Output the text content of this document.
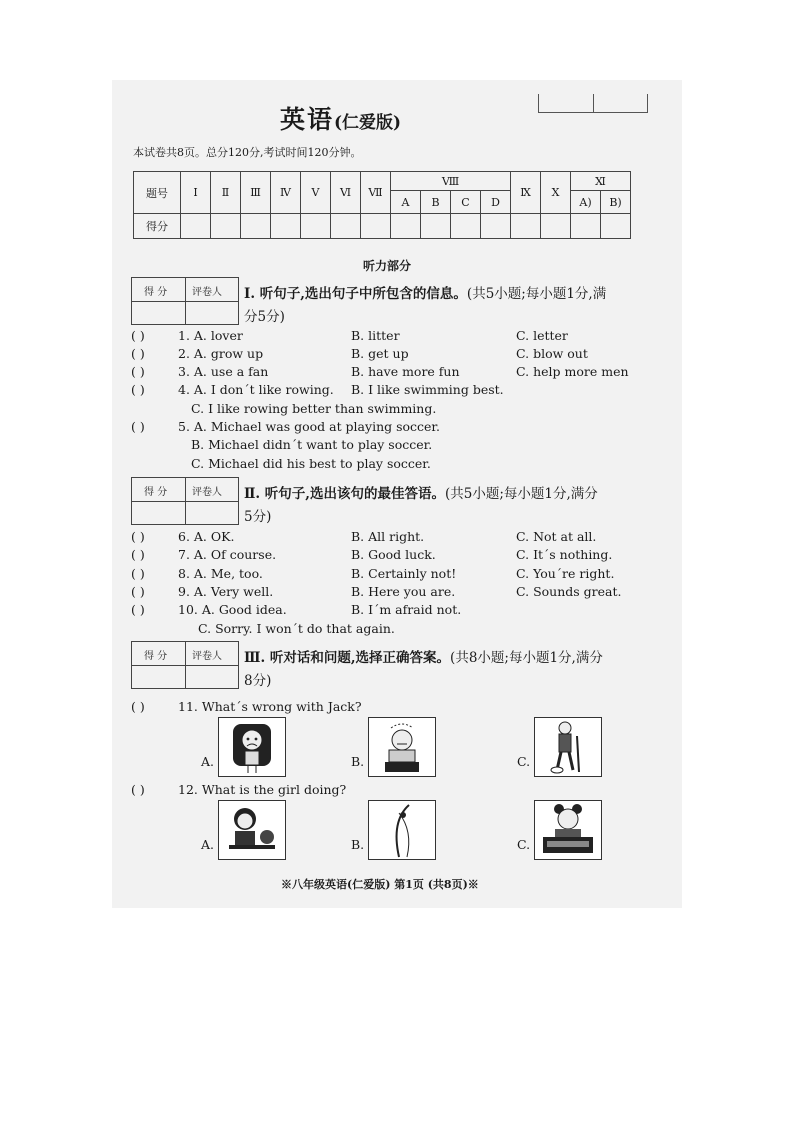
英语(仁爱版)
本试卷共8页。总分120分,考试时间120分钟。
题号	Ⅰ	Ⅱ	Ⅲ	Ⅳ	Ⅴ	Ⅵ	Ⅶ	Ⅷ				Ⅸ	Ⅹ	Ⅺ	
								A	B	C	D			A)	B)
得分															
听力部分
得 分 评卷人 Ⅰ. 听句子,选出句子中所包含的信息。(共5小题;每小题1分,满
分5分)
( )	1. A. lover	B. litter	C. letter
( )	2. A. grow up	B. get up	C. blow out
( )	3. A. use a fan	B. have more fun	C. help more men
( )	4. A. I don´t like rowing. B. I like swimming best.
C. I like rowing better than swimming.
( )	5. A. Michael was good at playing soccer.
B. Michael didn´t want to play soccer.
C. Michael did his best to play soccer.
得 分 评卷人 Ⅱ. 听句子,选出该句的最佳答语。(共5小题;每小题1分,满分
5分)
( )	6. A. OK.	B. All right.	C. Not at all.
( )	7. A. Of course.	B. Good luck.	C. It´s nothing.
( )	8. A. Me, too.	B. Certainly not!	C. You´re right.
( )	9. A. Very well.	B. Here you are.	C. Sounds great.
( )	10. A. Good idea.	B. I´m afraid not.
C. Sorry. I won´t do that again.
得 分 评卷人 Ⅲ. 听对话和问题,选择正确答案。(共8小题;每小题1分,满分
8分)
( )	11. What´s wrong with Jack?
A.	B.	C.
( )	12. What is the girl doing?
A.	B.	C.
※八年级英语(仁爱版) 第1页 (共8页)※
